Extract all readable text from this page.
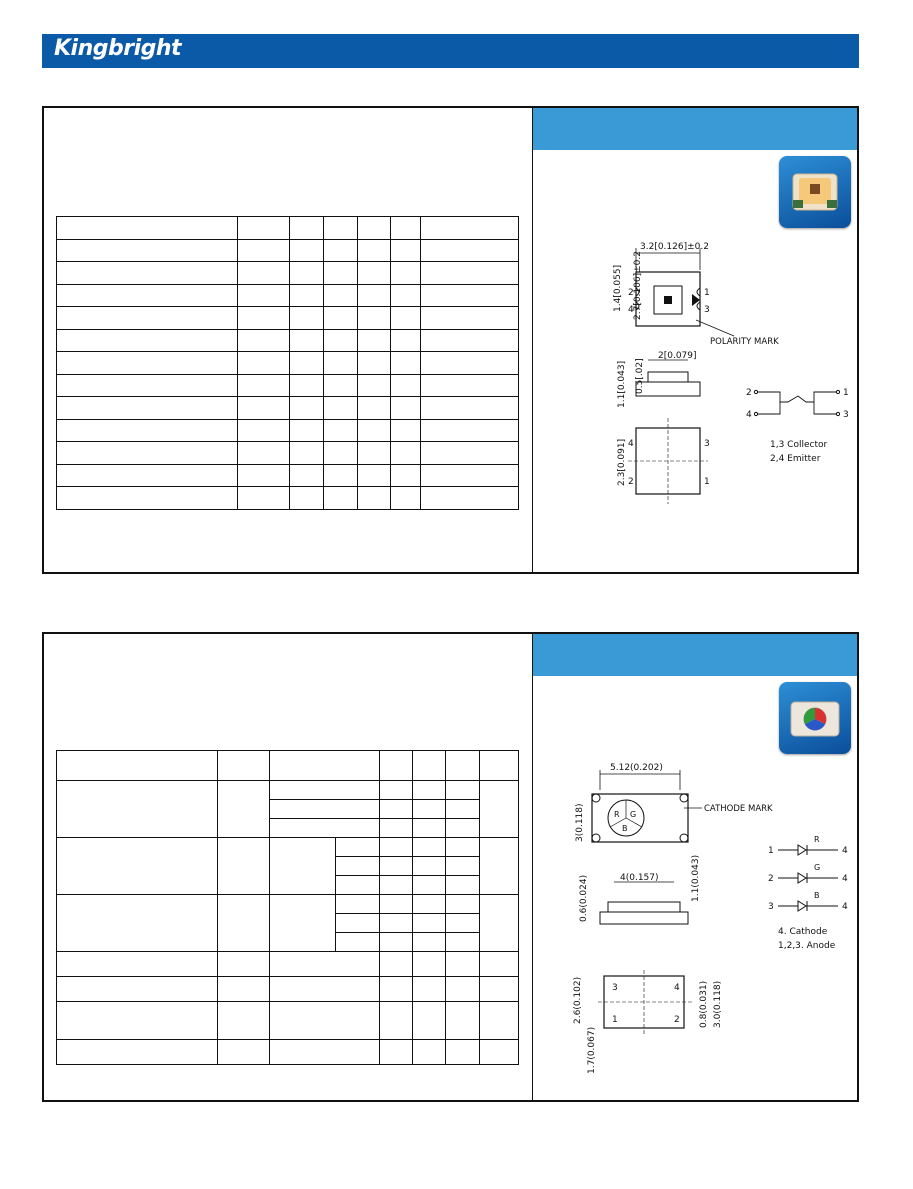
Kingbright

3.2[0.126]±0.2
2
4
1
3
2.7[0.106]±0.2
1.4[0.055]
POLARITY MARK
2[0.079]
0.5[.02]
1.1[0.043]
4
2
3
1
2.3[0.091]
2
4
1
3
1,3 Collector
2,4 Emitter

5.12(0.202)
R G
B
3(0.118)	CATHODE MARK
4(0.157)
0.6(0.024)	1.1(0.043)
3
1
4
2
2.6(0.102)
1.7(0.067)
0.8(0.031) 3.0(0.118)
1
R
4
2
G
4
3
B
4
4. Cathode
1,2,3. Anode
